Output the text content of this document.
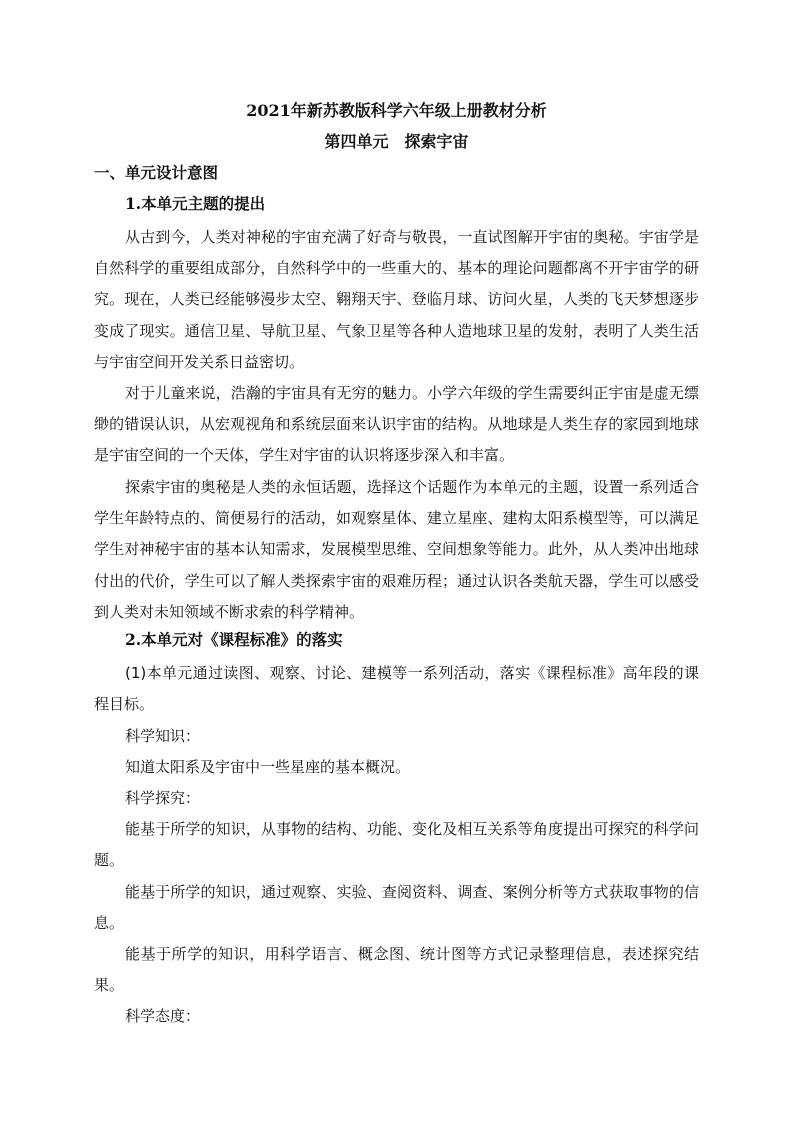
2021年新苏教版科学六年级上册教材分析
第四单元　探索宇宙
一、单元设计意图
1.本单元主题的提出
从古到今，人类对神秘的宇宙充满了好奇与敬畏，一直试图解开宇宙的奥秘。宇宙学是自然科学的重要组成部分，自然科学中的一些重大的、基本的理论问题都离不开宇宙学的研究。现在，人类已经能够漫步太空、翱翔天宇、登临月球、访问火星，人类的飞天梦想逐步变成了现实。通信卫星、导航卫星、气象卫星等各种人造地球卫星的发射，表明了人类生活与宇宙空间开发关系日益密切。
对于儿童来说，浩瀚的宇宙具有无穷的魅力。小学六年级的学生需要纠正宇宙是虚无缥缈的错误认识，从宏观视角和系统层面来认识宇宙的结构。从地球是人类生存的家园到地球是宇宙空间的一个天体，学生对宇宙的认识将逐步深入和丰富。
探索宇宙的奥秘是人类的永恒话题，选择这个话题作为本单元的主题，设置一系列适合学生年龄特点的、简便易行的活动，如观察星体、建立星座、建构太阳系模型等，可以满足学生对神秘宇宙的基本认知需求，发展模型思维、空间想象等能力。此外，从人类冲出地球付出的代价，学生可以了解人类探索宇宙的艰难历程；通过认识各类航天器，学生可以感受到人类对未知领域不断求索的科学精神。
2.本单元对《课程标准》的落实
(1)本单元通过读图、观察、讨论、建模等一系列活动，落实《课程标准》高年段的课程目标。
科学知识：
知道太阳系及宇宙中一些星座的基本概况。
科学探究：
能基于所学的知识，从事物的结构、功能、变化及相互关系等角度提出可探究的科学问题。
能基于所学的知识，通过观察、实验、查阅资料、调查、案例分析等方式获取事物的信息。
能基于所学的知识，用科学语言、概念图、统计图等方式记录整理信息，表述探究结果。
科学态度：
